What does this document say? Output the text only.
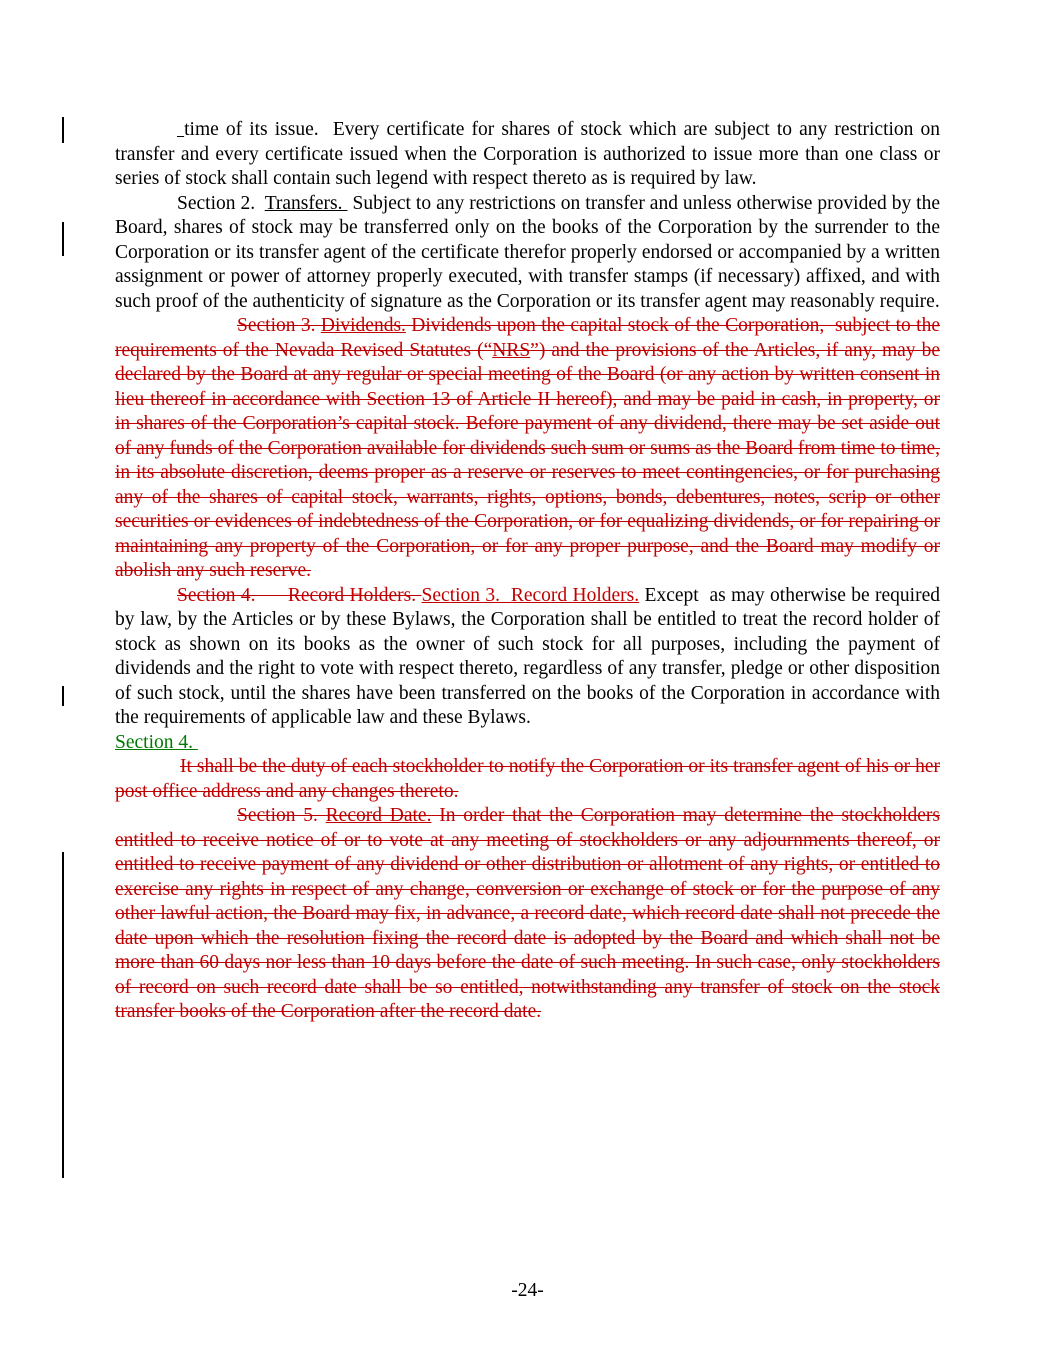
time of its issue.  Every certificate for shares of stock which are subject to any restriction on transfer and every certificate issued when the Corporation is authorized to issue more than one class or series of stock shall contain such legend with respect thereto as is required by law.

Section 2.  Transfers.  Subject to any restrictions on transfer and unless otherwise provided by the Board, shares of stock may be transferred only on the books of the Corporation by the surrender to the Corporation or its transfer agent of the certificate therefor properly endorsed or accompanied by a written assignment or power of attorney properly executed, with transfer stamps (if necessary) affixed, and with such proof of the authenticity of signature as the Corporation or its transfer agent may reasonably require.

Section 3. Dividends. Dividends upon the capital stock of the Corporation,  subject to the requirements of the Nevada Revised Statutes (“NRS”) and the provisions of the Articles, if any, may be declared by the Board at any regular or special meeting of the Board (or any action by written consent in lieu thereof in accordance with Section 13 of Article II hereof), and may be paid in cash, in property, or in shares of the Corporation’s capital stock. Before payment of any dividend, there may be set aside out of any funds of the Corporation available for dividends such sum or sums as the Board from time to time, in its absolute discretion, deems proper as a reserve or reserves to meet contingencies, or for purchasing any of the shares of capital stock, warrants, rights, options, bonds, debentures, notes, scrip or other securities or evidences of indebtedness of the Corporation, or for equalizing dividends, or for repairing or maintaining any property of the Corporation, or for any proper purpose, and the Board may modify or abolish any such reserve.

Section 4.      Record Holders. Section 3.  Record Holders. Except  as may otherwise be required by law, by the Articles or by these Bylaws, the Corporation shall be entitled to treat the record holder of stock as shown on its books as the owner of such stock for all purposes, including the payment of dividends and the right to vote with respect thereto, regardless of any transfer, pledge or other disposition of such stock, until the shares have been transferred on the books of the Corporation in accordance with the requirements of applicable law and these Bylaws.

Section 4.

It shall be the duty of each stockholder to notify the Corporation or its transfer agent of his or her post office address and any changes thereto.

Section 5. Record Date. In order that the Corporation may determine the stockholders entitled to receive notice of or to vote at any meeting of stockholders or any adjournments thereof, or entitled to receive payment of any dividend or other distribution or allotment of any rights, or entitled to exercise any rights in respect of any change, conversion or exchange of stock or for the purpose of any other lawful action, the Board may fix, in advance, a record date, which record date shall not precede the date upon which the resolution fixing the record date is adopted by the Board and which shall not be more than 60 days nor less than 10 days before the date of such meeting. In such case, only stockholders of record on such record date shall be so entitled, notwithstanding any transfer of stock on the stock transfer books of the Corporation after the record date.

-24-
